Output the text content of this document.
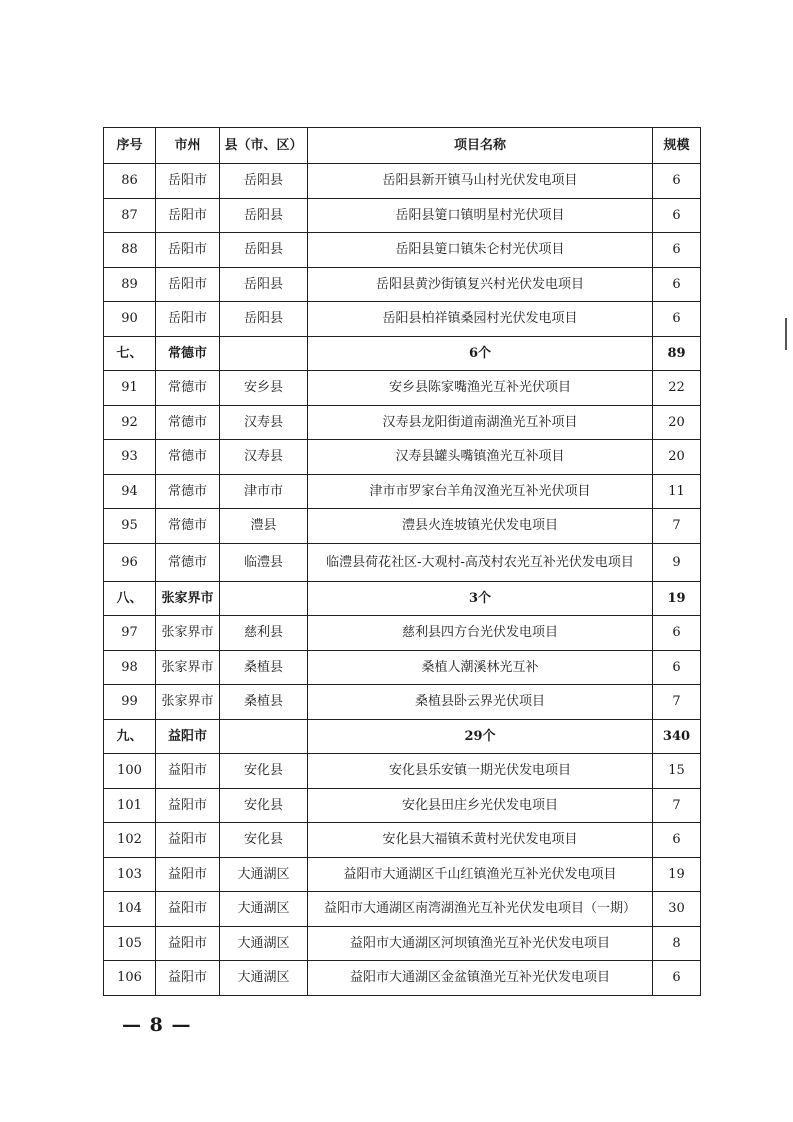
序号	市州	县（市、区）	项目名称	规模
86	岳阳市	岳阳县	岳阳县新开镇马山村光伏发电项目	6
87	岳阳市	岳阳县	岳阳县筻口镇明星村光伏项目	6
88	岳阳市	岳阳县	岳阳县筻口镇朱仑村光伏项目	6
89	岳阳市	岳阳县	岳阳县黄沙街镇复兴村光伏发电项目	6
90	岳阳市	岳阳县	岳阳县柏祥镇桑园村光伏发电项目	6
七、	常德市		6个	89
91	常德市	安乡县	安乡县陈家嘴渔光互补光伏项目	22
92	常德市	汉寿县	汉寿县龙阳街道南湖渔光互补项目	20
93	常德市	汉寿县	汉寿县罐头嘴镇渔光互补项目	20
94	常德市	津市市	津市市罗家台羊角汊渔光互补光伏项目	11
95	常德市	澧县	澧县火连坡镇光伏发电项目	7
96	常德市	临澧县	临澧县荷花社区-大观村-高茂村农光互补光伏发电项目	9
八、	张家界市		3个	19
97	张家界市	慈利县	慈利县四方台光伏发电项目	6
98	张家界市	桑植县	桑植人潮溪林光互补	6
99	张家界市	桑植县	桑植县卧云界光伏项目	7
九、	益阳市		29个	340
100	益阳市	安化县	安化县乐安镇一期光伏发电项目	15
101	益阳市	安化县	安化县田庄乡光伏发电项目	7
102	益阳市	安化县	安化县大福镇禾黄村光伏发电项目	6
103	益阳市	大通湖区	益阳市大通湖区千山红镇渔光互补光伏发电项目	19
104	益阳市	大通湖区	益阳市大通湖区南湾湖渔光互补光伏发电项目（一期）	30
105	益阳市	大通湖区	益阳市大通湖区河坝镇渔光互补光伏发电项目	8
106	益阳市	大通湖区	益阳市大通湖区金盆镇渔光互补光伏发电项目	6
— 8 —
